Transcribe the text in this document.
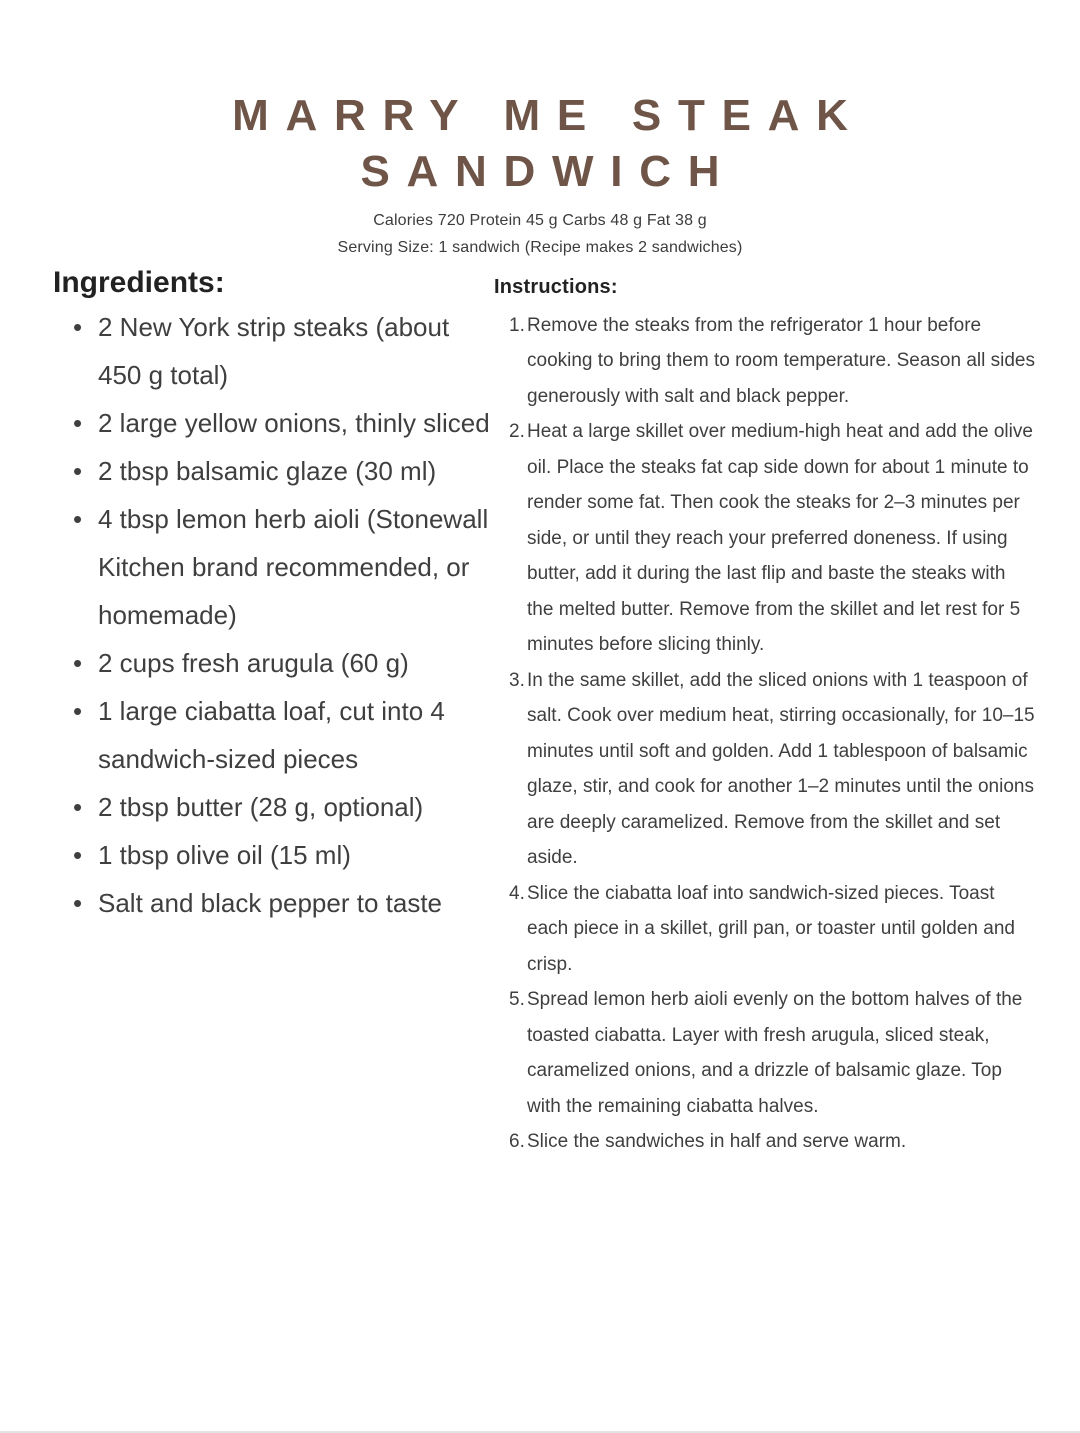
MARRY ME STEAK
SANDWICH

Calories 720 Protein 45 g Carbs 48 g Fat 38 g

Serving Size: 1 sandwich (Recipe makes 2 sandwiches)

Ingredients:
• 2 New York strip steaks (about 450 g total)
• 2 large yellow onions, thinly sliced
• 2 tbsp balsamic glaze (30 ml)
• 4 tbsp lemon herb aioli (Stonewall Kitchen brand recommended, or homemade)
• 2 cups fresh arugula (60 g)
• 1 large ciabatta loaf, cut into 4 sandwich-sized pieces
• 2 tbsp butter (28 g, optional)
• 1 tbsp olive oil (15 ml)
• Salt and black pepper to taste
Instructions:
Remove the steaks from the refrigerator 1 hour before cooking to bring them to room temperature. Season all sides generously with salt and black pepper.
Heat a large skillet over medium-high heat and add the olive oil. Place the steaks fat cap side down for about 1 minute to render some fat. Then cook the steaks for 2–3 minutes per side, or until they reach your preferred doneness. If using butter, add it during the last flip and baste the steaks with the melted butter. Remove from the skillet and let rest for 5 minutes before slicing thinly.
In the same skillet, add the sliced onions with 1 teaspoon of salt. Cook over medium heat, stirring occasionally, for 10–15 minutes until soft and golden. Add 1 tablespoon of balsamic glaze, stir, and cook for another 1–2 minutes until the onions are deeply caramelized. Remove from the skillet and set aside.
Slice the ciabatta loaf into sandwich-sized pieces. Toast each piece in a skillet, grill pan, or toaster until golden and crisp.
Spread lemon herb aioli evenly on the bottom halves of the toasted ciabatta. Layer with fresh arugula, sliced steak, caramelized onions, and a drizzle of balsamic glaze. Top with the remaining ciabatta halves.
Slice the sandwiches in half and serve warm.
